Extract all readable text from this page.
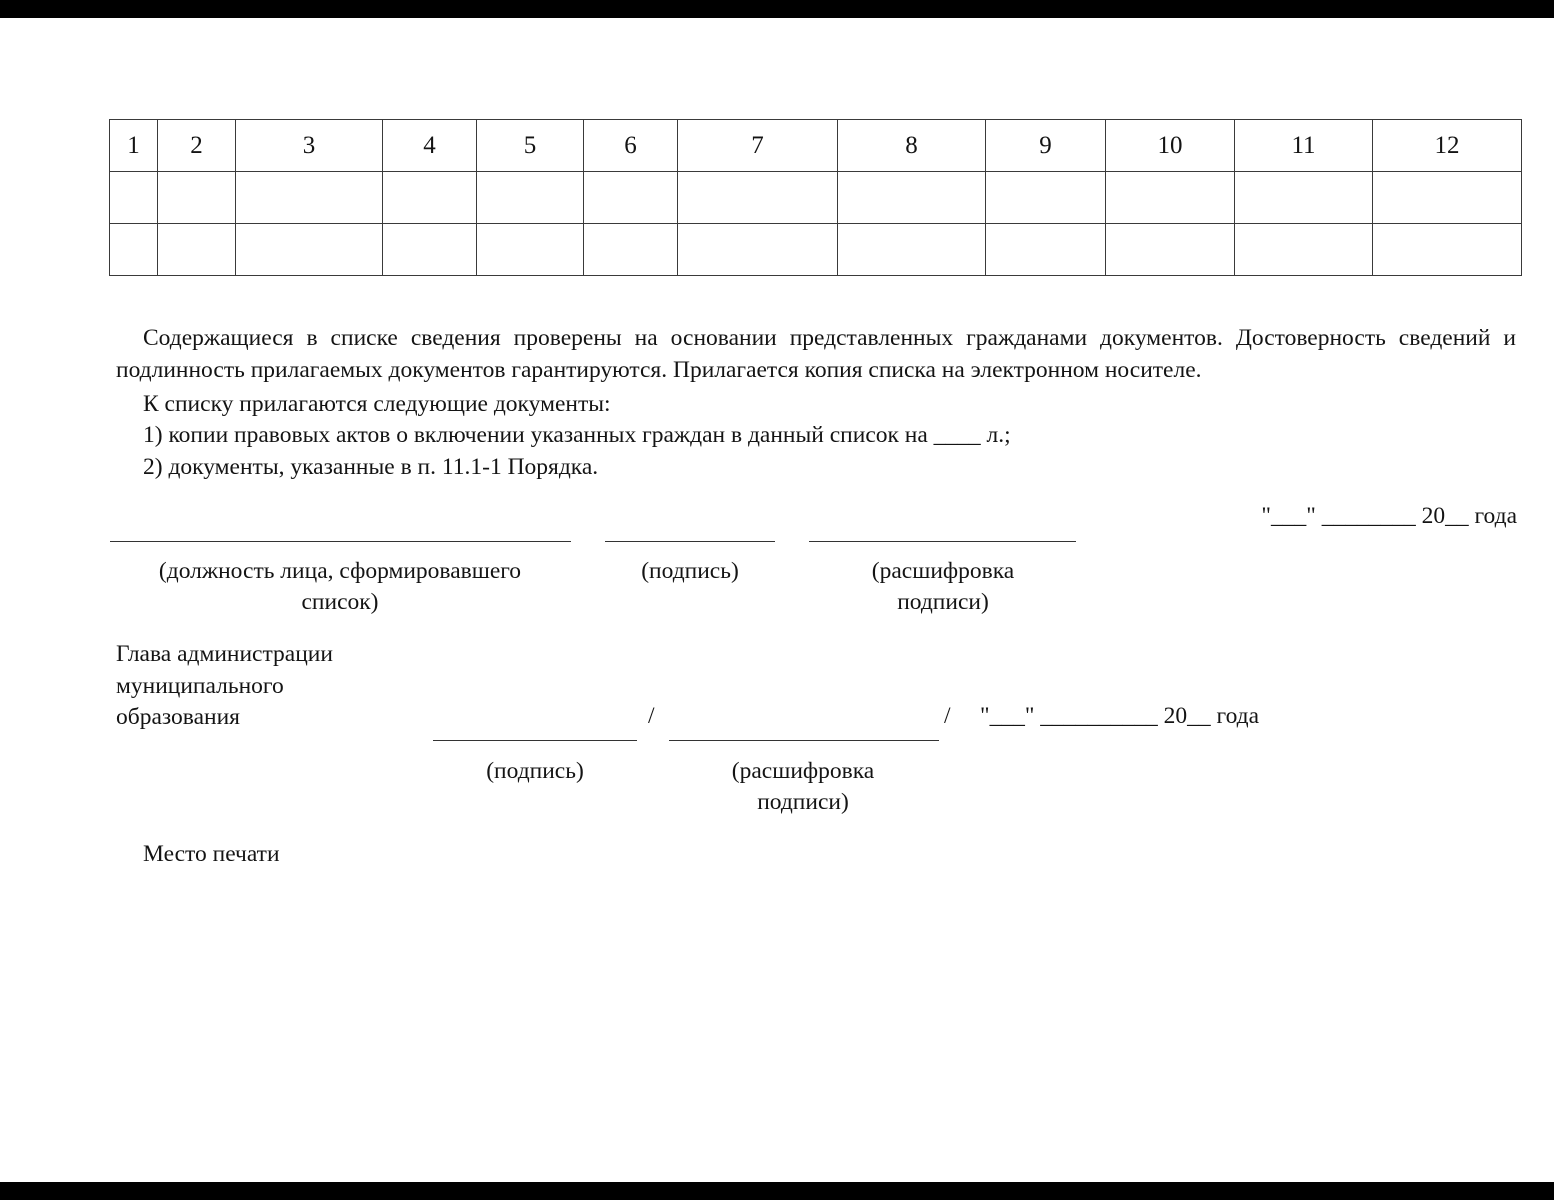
1	2	3	4	5	6	7	8	9	10	11	12

Содержащиеся в списке сведения проверены на основании представленных гражданами документов. Достоверность сведений и подлинность прилагаемых документов гарантируются. Прилагается копия списка на электронном носителе.
К списку прилагаются следующие документы:
1) копии правовых актов о включении указанных граждан в данный список на ____ л.;
2) документы, указанные в п. 11.1-1 Порядка.
"___" ________ 20__ года
(должность лица, сформировавшего список)
(подпись)	(расшифровка подписи)
Глава администрации муниципального образования	/	/ "___" __________ 20__ года
(подпись)	(расшифровка подписи)
Место печати
